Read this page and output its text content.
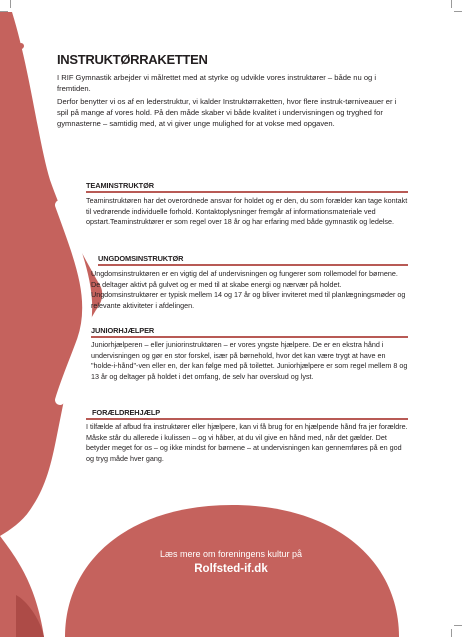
INSTRUKTØRRAKETTEN
I RIF Gymnastik arbejder vi målrettet med at styrke og udvikle vores instruktører – både nu og i fremtiden.
Derfor benytter vi os af en lederstruktur, vi kalder Instruktørraketten, hvor flere instruk-tørniveauer er i spil på mange af vores hold. På den måde skaber vi både kvalitet i undervisningen og tryghed for gymnasterne – samtidig med, at vi giver unge mulighed for at vokse med opgaven.
TEAMINSTRUKTØR
Teaminstruktøren har det overordnede ansvar for holdet og er den, du som forælder kan tage kontakt til vedrørende individuelle forhold. Kontaktoplysninger fremgår af informationsmateriale ved opstart.Teaminstruktører er som regel over 18 år og har erfaring med både gymnastik og ledelse.
UNGDOMSINSTRUKTØR
Ungdomsinstruktøren er en vigtig del af undervisningen og fungerer som rollemodel for børnene. De deltager aktivt på gulvet og er med til at skabe energi og nærvær på holdet. Ungdomsinstruktører er typisk mellem 14 og 17 år og bliver inviteret med til planlægningsmøder og relevante aktiviteter i afdelingen.
JUNIORHJÆLPER
Juniorhjælperen – eller juniorinstruktøren – er vores yngste hjælpere. De er en ekstra hånd i undervisningen og gør en stor forskel, især på børnehold, hvor det kan være trygt at have en "holde-i-hånd"-ven eller en, der kan følge med på toilettet. Juniorhjælpere er som regel mellem 8 og 13 år og deltager på holdet i det omfang, de selv har overskud og lyst.
FORÆLDREHJÆLP
I tilfælde af afbud fra instruktører eller hjælpere, kan vi få brug for en hjælpende hånd fra jer forældre. Måske står du allerede i kulissen – og vi håber, at du vil give en hånd med, når det gælder. Det betyder meget for os – og ikke mindst for børnene – at undervisningen kan gennemføres på en god og tryg måde hver gang.
Læs mere om foreningens kultur på
Rolfsted-if.dk
